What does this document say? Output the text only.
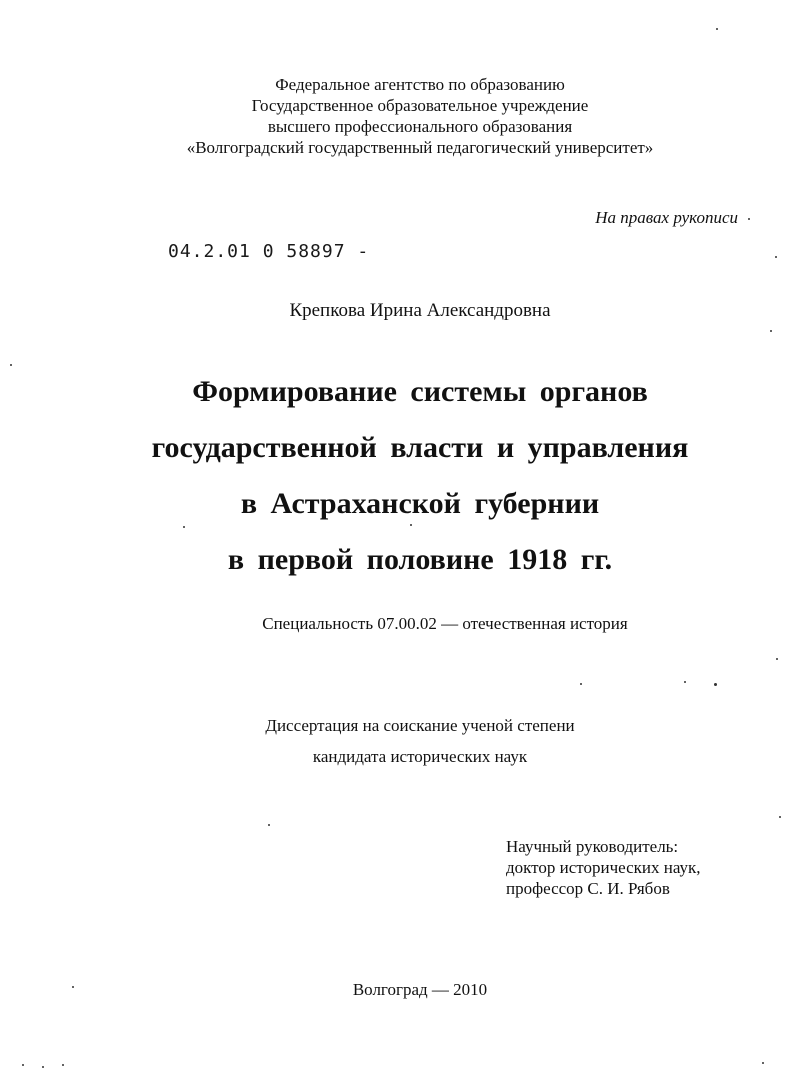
Федеральное агентство по образованию
Государственное образовательное учреждение
высшего профессионального образования
«Волгоградский государственный педагогический университет»
На правах рукописи
04.2.01 0 58897 -
Крепкова Ирина Александровна
Формирование системы органов
государственной власти и управления
в Астраханской губернии
в первой половине 1918 гг.
Специальность 07.00.02 — отечественная история
Диссертация на соискание ученой степени
кандидата исторических наук
Научный руководитель:
доктор исторических наук,
профессор С. И. Рябов
Волгоград — 2010
